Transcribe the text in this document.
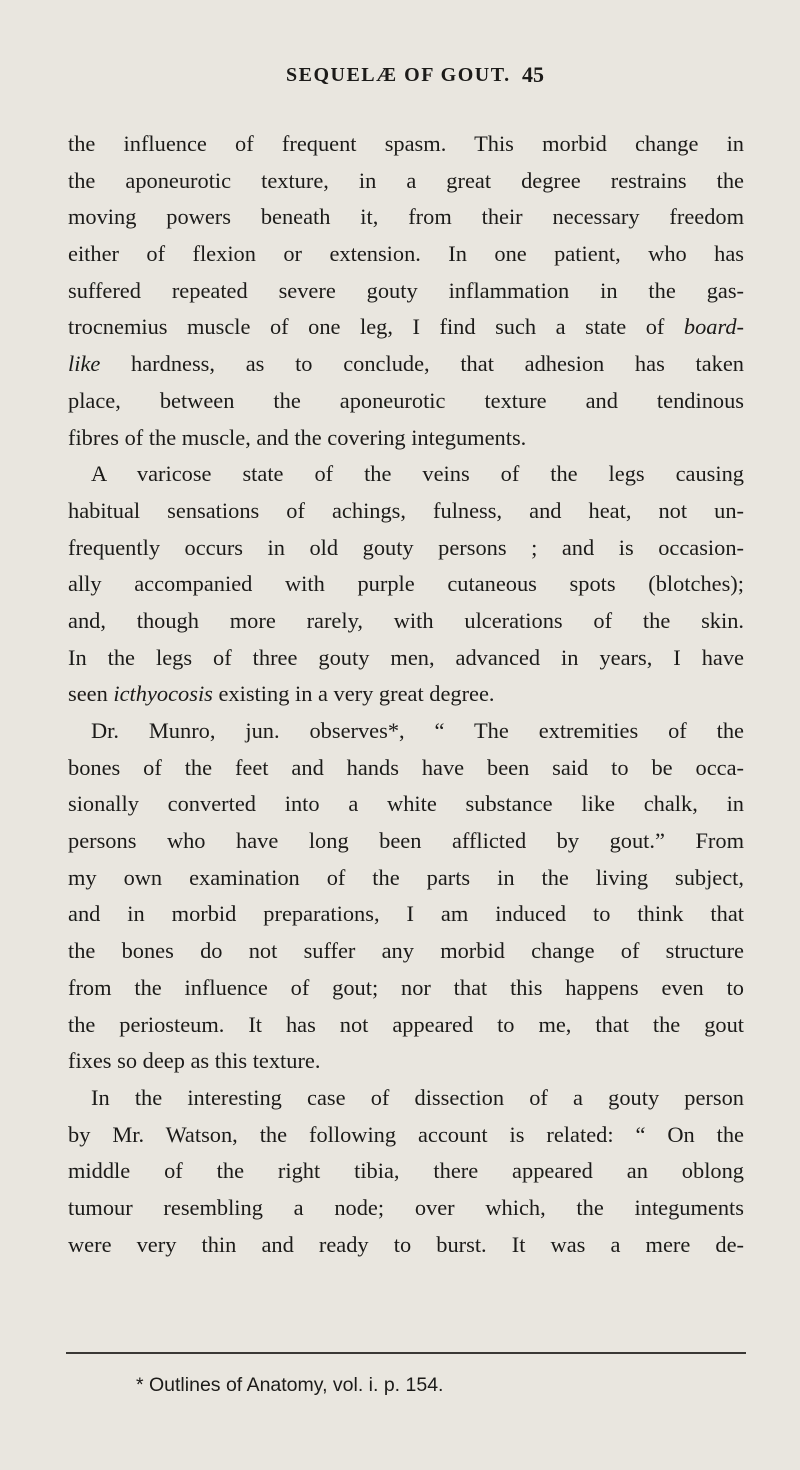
SEQUELÆ OF GOUT. 45
the influence of frequent spasm. This morbid change in
the aponeurotic texture, in a great degree restrains the
moving powers beneath it, from their necessary freedom
either of flexion or extension. In one patient, who has
suffered repeated severe gouty inflammation in the gas-
trocnemius muscle of one leg, I find such a state of board-
like hardness, as to conclude, that adhesion has taken
place, between the aponeurotic texture and tendinous
fibres of the muscle, and the covering integuments.
A varicose state of the veins of the legs causing
habitual sensations of achings, fulness, and heat, not un-
frequently occurs in old gouty persons ; and is occasion-
ally accompanied with purple cutaneous spots (blotches);
and, though more rarely, with ulcerations of the skin.
In the legs of three gouty men, advanced in years, I have
seen icthyocosis existing in a very great degree.
Dr. Munro, jun. observes*, “ The extremities of the
bones of the feet and hands have been said to be occa-
sionally converted into a white substance like chalk, in
persons who have long been afflicted by gout.” From
my own examination of the parts in the living subject,
and in morbid preparations, I am induced to think that
the bones do not suffer any morbid change of structure
from the influence of gout; nor that this happens even to
the periosteum. It has not appeared to me, that the gout
fixes so deep as this texture.
In the interesting case of dissection of a gouty person
by Mr. Watson, the following account is related: “ On the
middle of the right tibia, there appeared an oblong
tumour resembling a node; over which, the integuments
were very thin and ready to burst. It was a mere de-
* Outlines of Anatomy, vol. i. p. 154.
